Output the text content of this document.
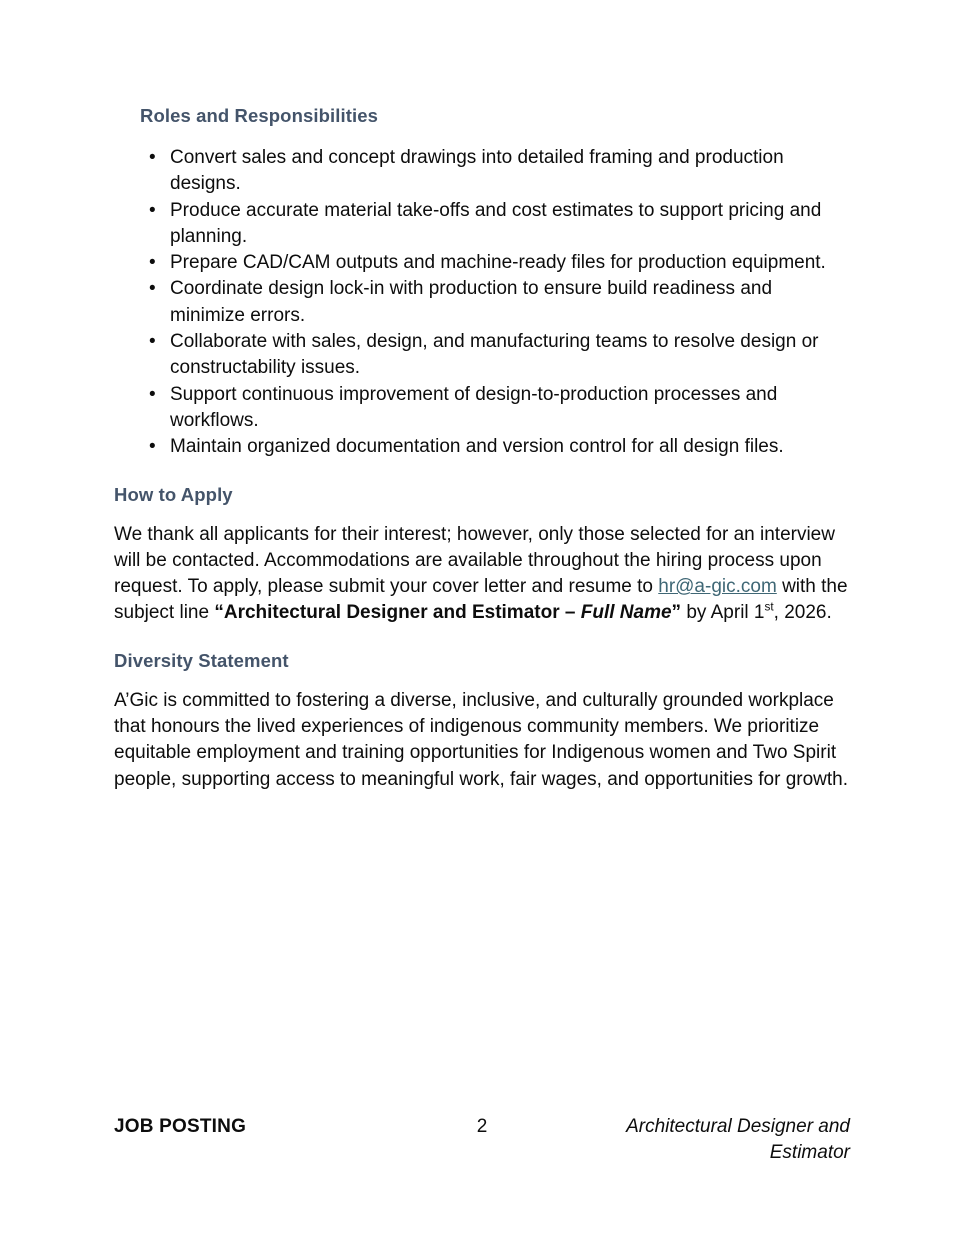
Roles and Responsibilities
• Convert sales and concept drawings into detailed framing and production designs.
• Produce accurate material take-offs and cost estimates to support pricing and planning.
• Prepare CAD/CAM outputs and machine-ready files for production equipment.
• Coordinate design lock-in with production to ensure build readiness and minimize errors.
• Collaborate with sales, design, and manufacturing teams to resolve design or constructability issues.
• Support continuous improvement of design-to-production processes and workflows.
• Maintain organized documentation and version control for all design files.
How to Apply

We thank all applicants for their interest; however, only those selected for an interview will be contacted. Accommodations are available throughout the hiring process upon request. To apply, please submit your cover letter and resume to hr@a-gic.com with the subject line “Architectural Designer and Estimator – Full Name” by April 1st, 2026.

Diversity Statement

A’Gic is committed to fostering a diverse, inclusive, and culturally grounded workplace that honours the lived experiences of indigenous community members. We prioritize equitable employment and training opportunities for Indigenous women and Two Spirit people, supporting access to meaningful work, fair wages, and opportunities for growth.

JOB POSTING	2	Architectural Designer and Estimator
